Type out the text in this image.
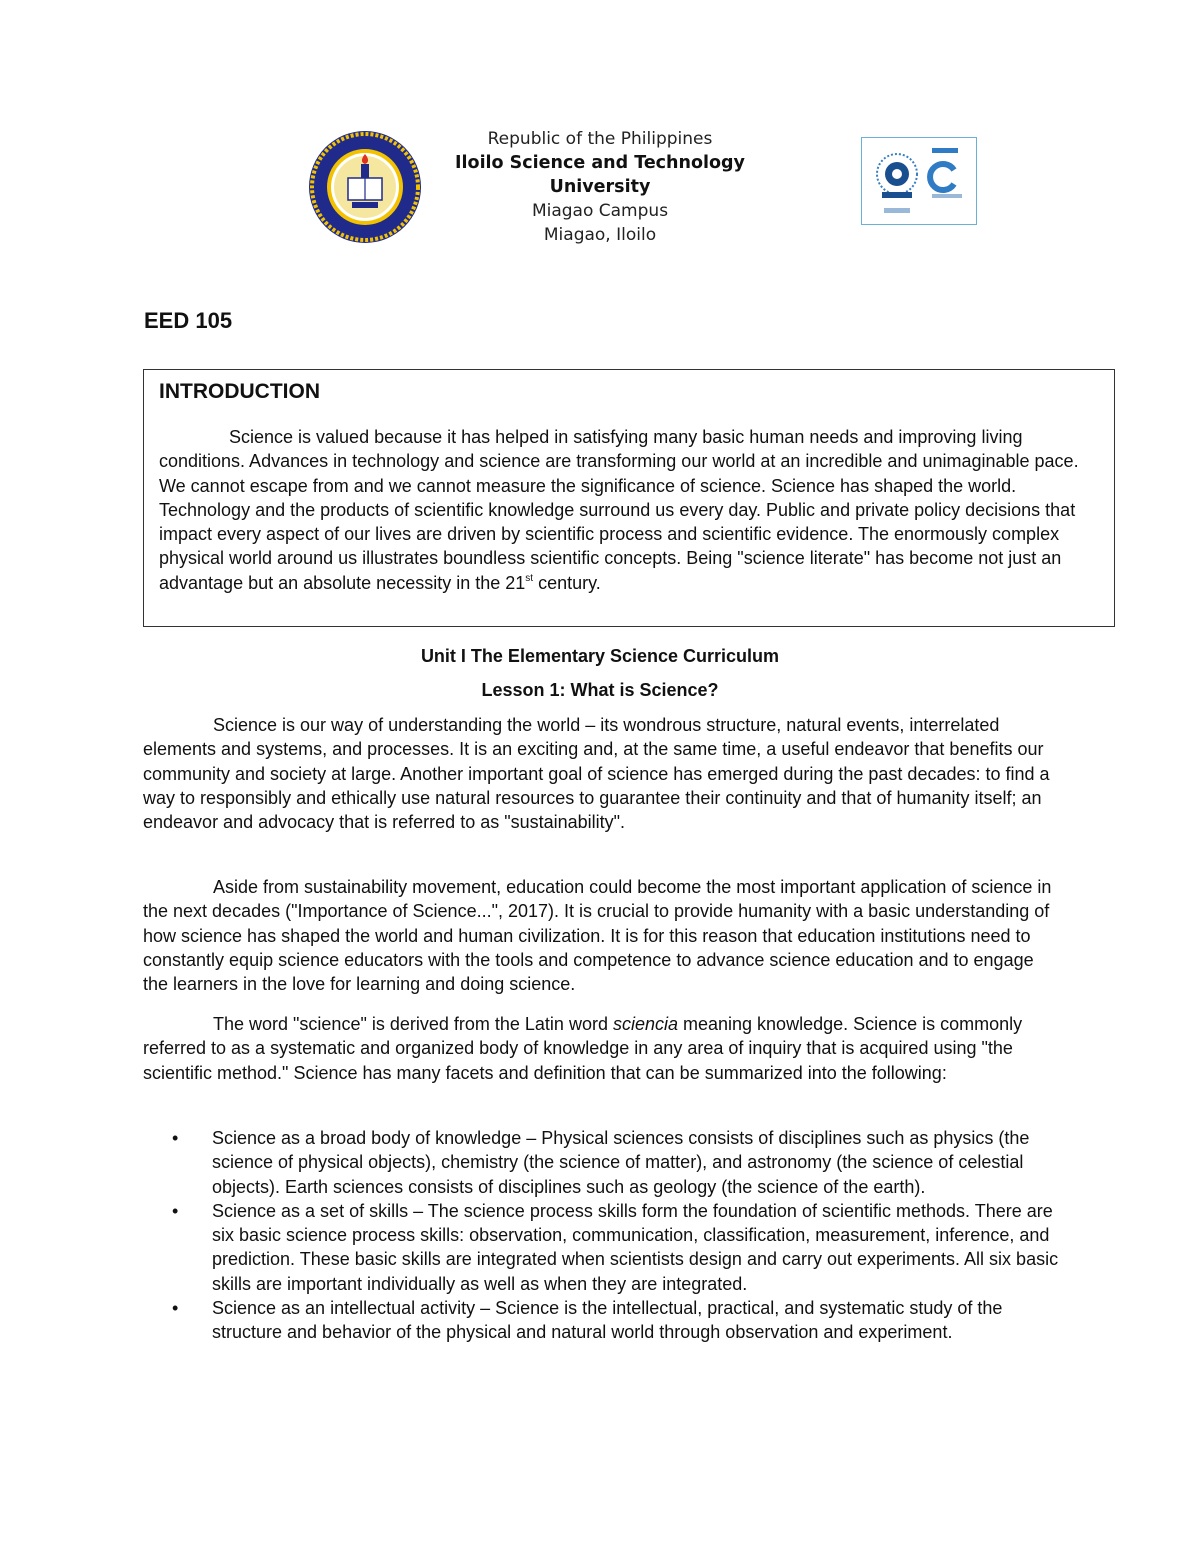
Republic of the Philippines
Iloilo Science and Technology University
Miagao Campus
Miagao, Iloilo
EED 105
INTRODUCTION

Science is valued because it has helped in satisfying many basic human needs and improving living conditions. Advances in technology and science are transforming our world at an incredible and unimaginable pace. We cannot escape from and we cannot measure the significance of science. Science has shaped the world. Technology and the products of scientific knowledge surround us every day. Public and private policy decisions that impact every aspect of our lives are driven by scientific process and scientific evidence. The enormously complex physical world around us illustrates boundless scientific concepts. Being "science literate" has become not just an advantage but an absolute necessity in the 21st century.

Unit I The Elementary Science Curriculum
Lesson 1: What is Science?

Science is our way of understanding the world – its wondrous structure, natural events, interrelated elements and systems, and processes. It is an exciting and, at the same time, a useful endeavor that benefits our community and society at large. Another important goal of science has emerged during the past decades: to find a way to responsibly and ethically use natural resources to guarantee their continuity and that of humanity itself; an endeavor and advocacy that is referred to as "sustainability".

Aside from sustainability movement, education could become the most important application of science in the next decades ("Importance of Science...", 2017). It is crucial to provide humanity with a basic understanding of how science has shaped the world and human civilization. It is for this reason that education institutions need to constantly equip science educators with the tools and competence to advance science education and to engage the learners in the love for learning and doing science.

The word "science" is derived from the Latin word sciencia meaning knowledge. Science is commonly referred to as a systematic and organized body of knowledge in any area of inquiry that is acquired using "the scientific method." Science has many facets and definition that can be summarized into the following:

• Science as a broad body of knowledge – Physical sciences consists of disciplines such as physics (the science of physical objects), chemistry (the science of matter), and astronomy (the science of celestial objects). Earth sciences consists of disciplines such as geology (the science of the earth).
• Science as a set of skills – The science process skills form the foundation of scientific methods. There are six basic science process skills: observation, communication, classification, measurement, inference, and prediction. These basic skills are integrated when scientists design and carry out experiments. All six basic skills are important individually as well as when they are integrated.
• Science as an intellectual activity – Science is the intellectual, practical, and systematic study of the structure and behavior of the physical and natural world through observation and experiment.
